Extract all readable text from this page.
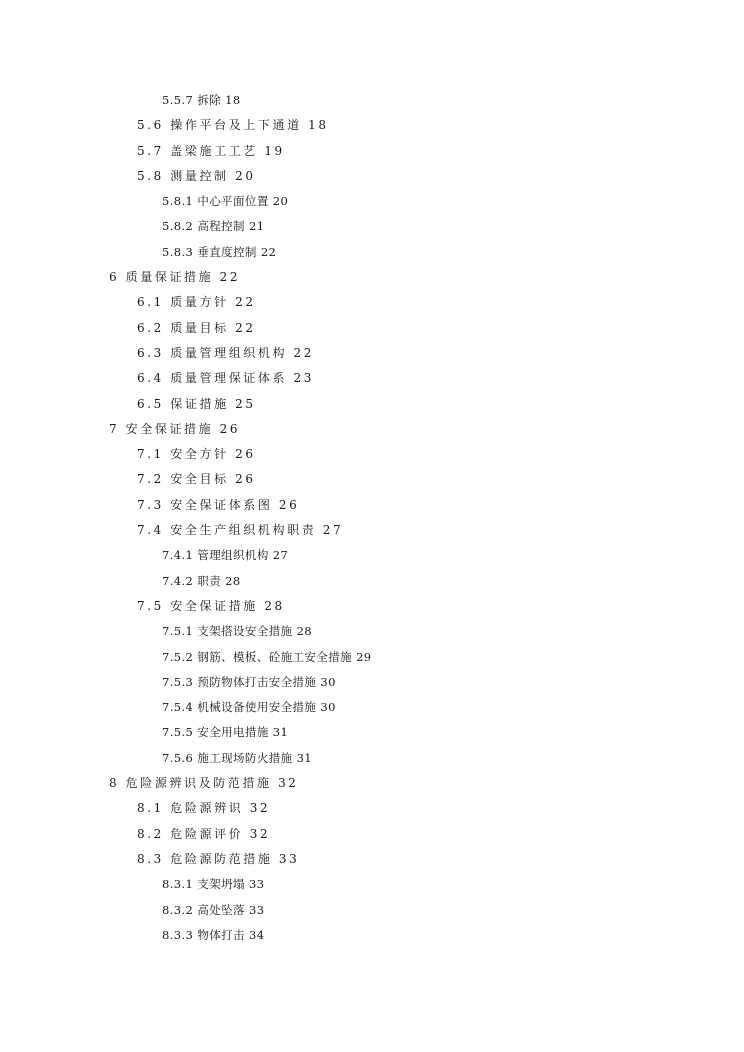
5.5.7 拆除 18
5.6 操作平台及上下通道 18
5.7 盖梁施工工艺 19
5.8 测量控制 20
5.8.1 中心平面位置 20
5.8.2 高程控制 21
5.8.3 垂直度控制 22
6 质量保证措施 22
6.1 质量方针 22
6.2 质量目标 22
6.3 质量管理组织机构 22
6.4 质量管理保证体系 23
6.5 保证措施 25
7 安全保证措施 26
7.1 安全方针 26
7.2 安全目标 26
7.3 安全保证体系图 26
7.4 安全生产组织机构职责 27
7.4.1 管理组织机构 27
7.4.2 职责 28
7.5 安全保证措施 28
7.5.1 支架搭设安全措施 28
7.5.2 钢筋、模板、砼施工安全措施 29
7.5.3 预防物体打击安全措施 30
7.5.4 机械设备使用安全措施 30
7.5.5 安全用电措施 31
7.5.6 施工现场防火措施 31
8 危险源辨识及防范措施 32
8.1 危险源辨识 32
8.2 危险源评价 32
8.3 危险源防范措施 33
8.3.1 支架坍塌 33
8.3.2 高处坠落 33
8.3.3 物体打击 34
